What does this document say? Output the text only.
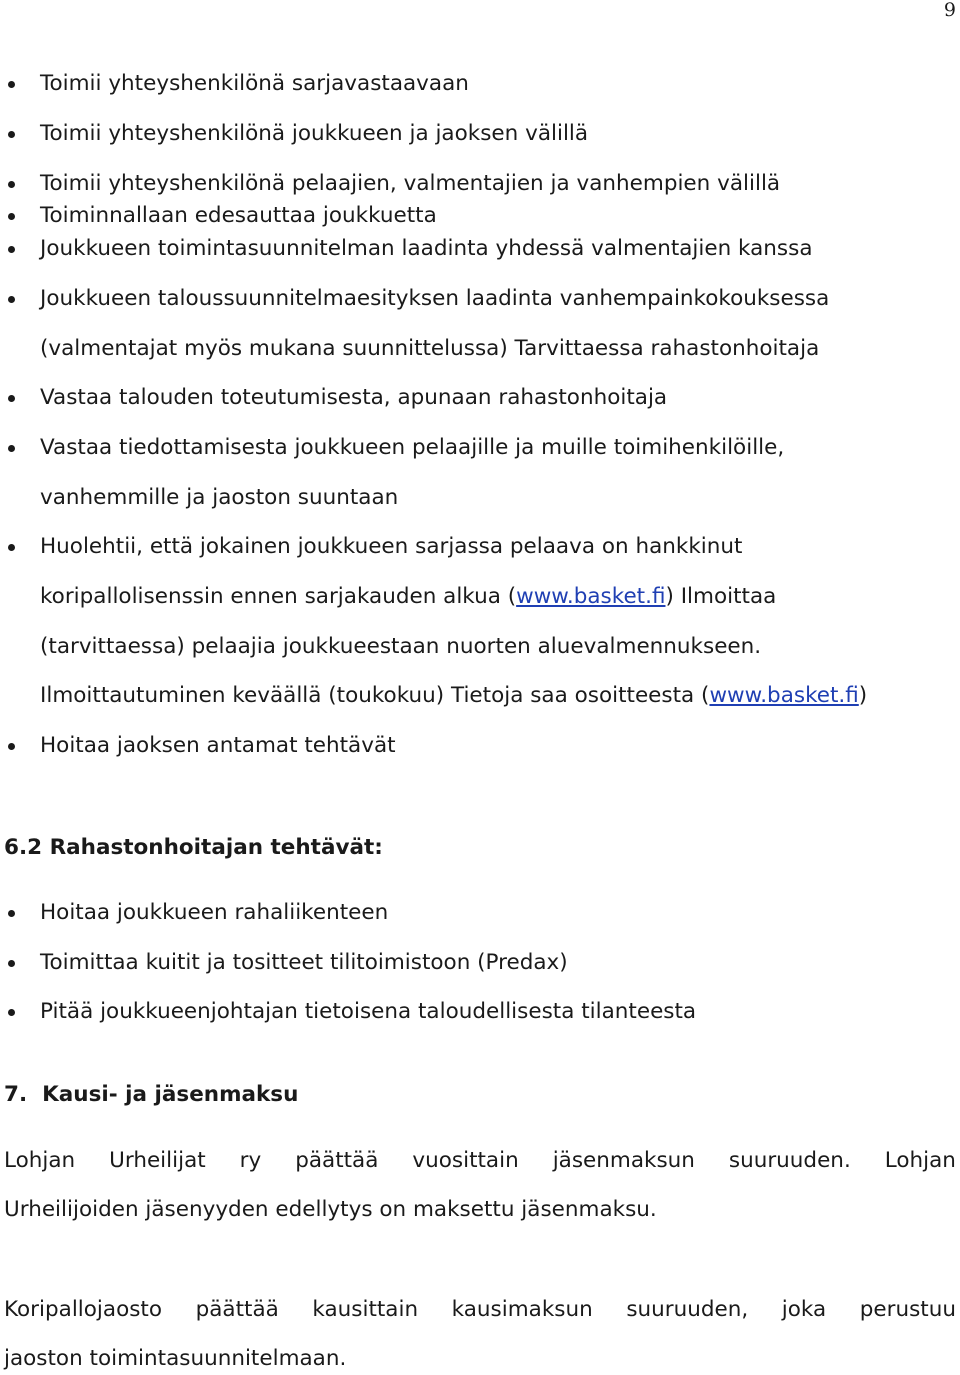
9
Toimii yhteyshenkilönä sarjavastaavaan
Toimii yhteyshenkilönä joukkueen ja jaoksen välillä
Toimii yhteyshenkilönä pelaajien, valmentajien ja vanhempien välillä
Toiminnallaan edesauttaa joukkuetta
Joukkueen toimintasuunnitelman laadinta yhdessä valmentajien kanssa
Joukkueen taloussuunnitelmaesityksen laadinta vanhempainkokouksessa
Vastaa talouden toteutumisesta, apunaan rahastonhoitaja
Vastaa tiedottamisesta joukkueen pelaajille ja muille toimihenkilöille,
Huolehtii, että jokainen joukkueen sarjassa pelaava on hankkinut
Hoitaa jaoksen antamat tehtävät
(valmentajat myös mukana suunnittelussa) Tarvittaessa rahastonhoitaja
vanhemmille ja jaoston suuntaan
koripallolisenssin ennen sarjakauden alkua (www.basket.fi) Ilmoittaa
(tarvittaessa) pelaajia joukkueestaan nuorten aluevalmennukseen.
Ilmoittautuminen keväällä (toukokuu) Tietoja saa osoitteesta (www.basket.fi)
6.2 Rahastonhoitajan tehtävät:
Hoitaa joukkueen rahaliikenteen
Toimittaa kuitit ja tositteet tilitoimistoon (Predax)
Pitää joukkueenjohtajan tietoisena taloudellisesta tilanteesta
7. Kausi- ja jäsenmaksu
Lohjan Urheilijat ry päättää vuosittain jäsenmaksun suuruuden. Lohjan
Urheilijoiden jäsenyyden edellytys on maksettu jäsenmaksu.
Koripallojaosto päättää kausittain kausimaksun suuruuden, joka perustuu
jaoston toimintasuunnitelmaan.
